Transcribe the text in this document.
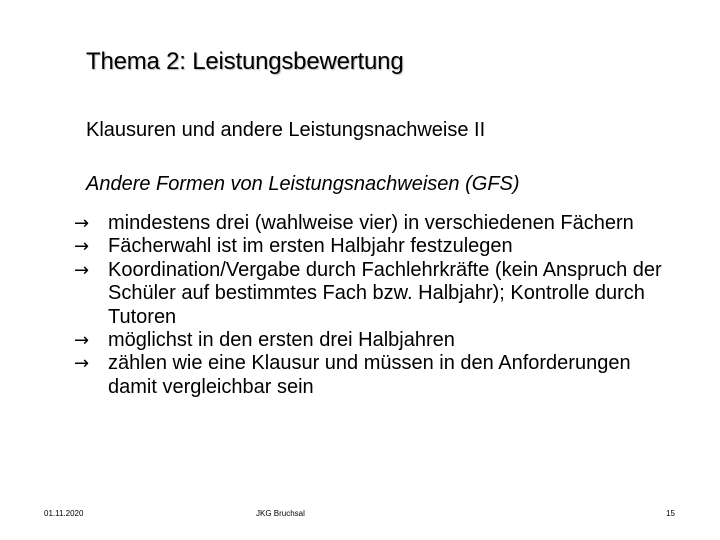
Thema 2: Leistungsbewertung
Klausuren und andere Leistungsnachweise II
Andere Formen von Leistungsnachweisen (GFS)
→ mindestens drei (wahlweise vier) in verschiedenen Fächern
→ Fächerwahl ist im ersten Halbjahr festzulegen
→ Koordination/Vergabe durch Fachlehrkräfte (kein Anspruch der Schüler auf bestimmtes Fach bzw. Halbjahr); Kontrolle durch Tutoren
→ möglichst in den ersten drei Halbjahren
→ zählen wie eine Klausur und müssen in den Anforderungen damit vergleichbar sein
01.11.2020	JKG Bruchsal	15
